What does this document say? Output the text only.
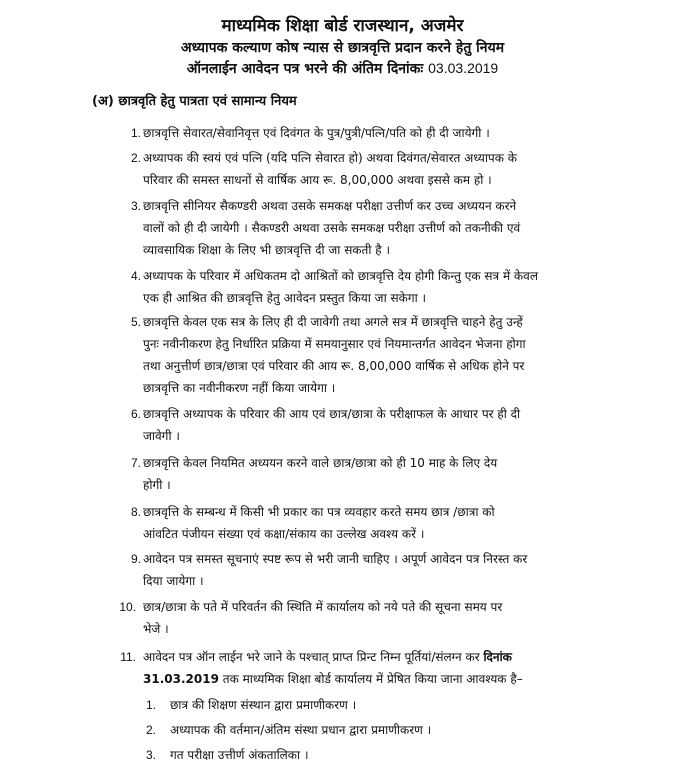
माध्यमिक शिक्षा बोर्ड राजस्थान, अजमेर
अध्यापक कल्याण कोष न्यास से छात्रवृत्ति प्रदान करने हेतु नियम
ऑनलाईन आवेदन पत्र भरने की अंतिम दिनांकः 03.03.2019
(अ) छात्रवृति हेतु पात्रता एवं सामान्य नियम
1. छात्रवृत्ति सेवारत/सेवानिवृत्त एवं दिवंगत के पुत्र/पुत्री/पत्नि/पति को ही दी जायेगी ।
2. अध्यापक की स्वयं एवं पत्नि (यदि पत्नि सेवारत हो) अथवा दिवंगत/सेवारत अध्यापक के
परिवार की समस्त साधनों से वार्षिक आय रू. 8,00,000 अथवा इससे कम हो ।
3. छात्रवृत्ति सीनियर सैकण्डरी अथवा उसके समकक्ष परीक्षा उत्तीर्ण कर उच्च अध्ययन करने
वालों को ही दी जायेगी । सैकण्डरी अथवा उसके समकक्ष परीक्षा उत्तीर्ण को तकनीकी एवं
व्यावसायिक शिक्षा के लिए भी छात्रवृत्ति दी जा सकती है ।
4. अध्यापक के परिवार में अधिकतम दो आश्रितों को छात्रवृत्ति देय होगी किन्तु एक सत्र में केवल
एक ही आश्रित की छात्रवृत्ति हेतु आवेदन प्रस्तुत किया जा सकेगा ।
5. छात्रवृत्ति केवल एक सत्र के लिए ही दी जावेगी तथा अगले सत्र में छात्रवृत्ति चाहने हेतु उन्हें
पुनः नवीनीकरण हेतु निर्धारित प्रक्रिया में समयानुसार एवं नियमान्तर्गत आवेदन भेजना होगा
तथा अनुत्तीर्ण छात्र/छात्रा एवं परिवार की आय रू. 8,00,000 वार्षिक से अधिक होने पर
छात्रवृत्ति का नवीनीकरण नहीं किया जायेगा ।
6. छात्रवृत्ति अध्यापक के परिवार की आय एवं छात्र/छात्रा के परीक्षाफल के आधार पर ही दी
जावेगी ।
7. छात्रवृत्ति केवल नियमित अध्ययन करने वाले छात्र/छात्रा को ही 10 माह के लिए देय
होगी ।
8. छात्रवृत्ति के सम्बन्ध में किसी भी प्रकार का पत्र व्यवहार करते समय छात्र /छात्रा को
आंवटित पंजीयन संख्या एवं कक्षा/संकाय का उल्लेख अवश्य करें ।
9. आवेदन पत्र समस्त सूचनाएं स्पष्ट रूप से भरी जानी चाहिए । अपूर्ण आवेदन पत्र निरस्त कर
दिया जायेगा ।
10. छात्र/छात्रा के पते में परिवर्तन की स्थिति में कार्यालय को नये पते की सूचना समय पर
भेजे ।
11. आवेदन पत्र ऑन लाईन भरे जाने के पश्चात् प्राप्त प्रिन्ट निम्न पूर्तियां/संलग्न कर दिनांक
31.03.2019 तक माध्यमिक शिक्षा बोर्ड कार्यालय में प्रेषित किया जाना आवश्यक है–
1. छात्र की शिक्षण संस्थान द्वारा प्रमाणीकरण ।
2. अध्यापक की वर्तमान/अंतिम संस्था प्रधान द्वारा प्रमाणीकरण ।
3. गत परीक्षा उत्तीर्ण अंकतालिका ।
